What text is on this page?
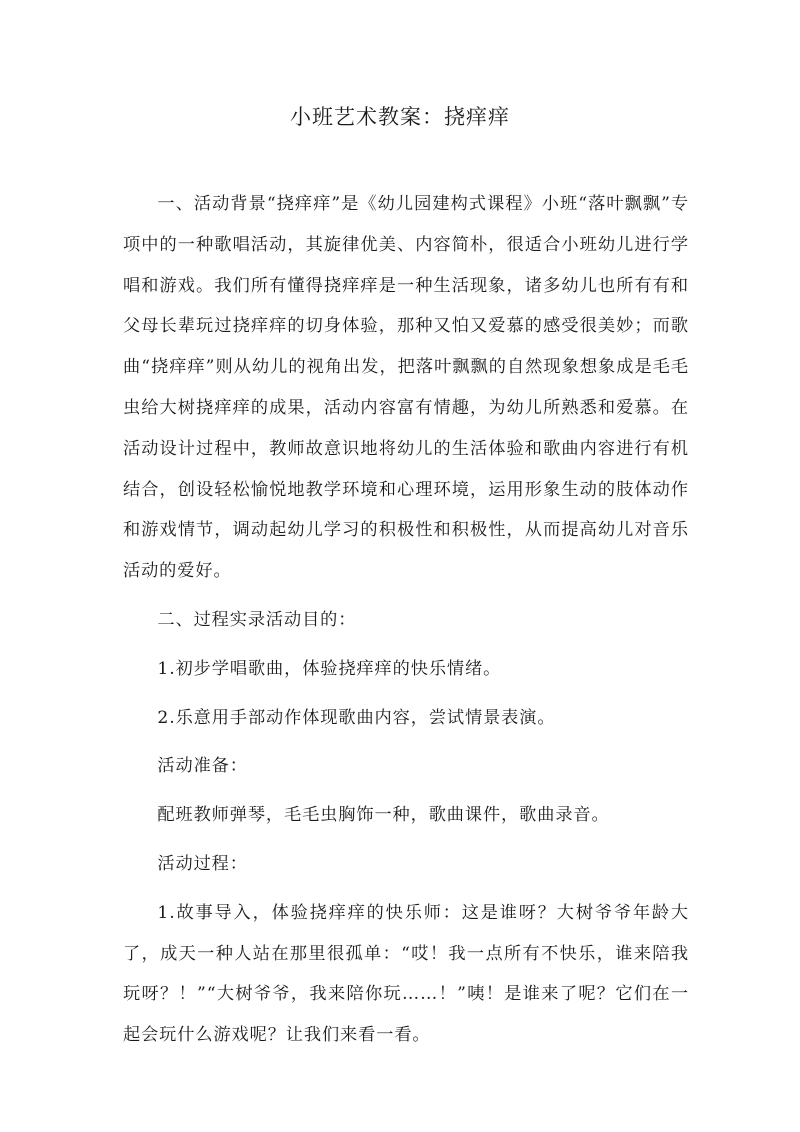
小班艺术教案：挠痒痒

一、活动背景“挠痒痒”是《幼儿园建构式课程》小班“落叶飘飘”专项中的一种歌唱活动，其旋律优美、内容简朴，很适合小班幼儿进行学唱和游戏。我们所有懂得挠痒痒是一种生活现象，诸多幼儿也所有有和父母长辈玩过挠痒痒的切身体验，那种又怕又爱慕的感受很美妙；而歌曲“挠痒痒”则从幼儿的视角出发，把落叶飘飘的自然现象想象成是毛毛虫给大树挠痒痒的成果，活动内容富有情趣，为幼儿所熟悉和爱慕。在活动设计过程中，教师故意识地将幼儿的生活体验和歌曲内容进行有机结合，创设轻松愉悦地教学环境和心理环境，运用形象生动的肢体动作和游戏情节，调动起幼儿学习的积极性和积极性，从而提高幼儿对音乐活动的爱好。

二、过程实录活动目的：

1.初步学唱歌曲，体验挠痒痒的快乐情绪。

2.乐意用手部动作体现歌曲内容，尝试情景表演。

活动准备：

配班教师弹琴，毛毛虫胸饰一种，歌曲课件，歌曲录音。

活动过程：

1.故事导入，体验挠痒痒的快乐师：这是谁呀？大树爷爷年龄大了，成天一种人站在那里很孤单：“哎！我一点所有不快乐，谁来陪我玩呀？！”“大树爷爷，我来陪你玩……！”咦！是谁来了呢？它们在一起会玩什么游戏呢？让我们来看一看。
